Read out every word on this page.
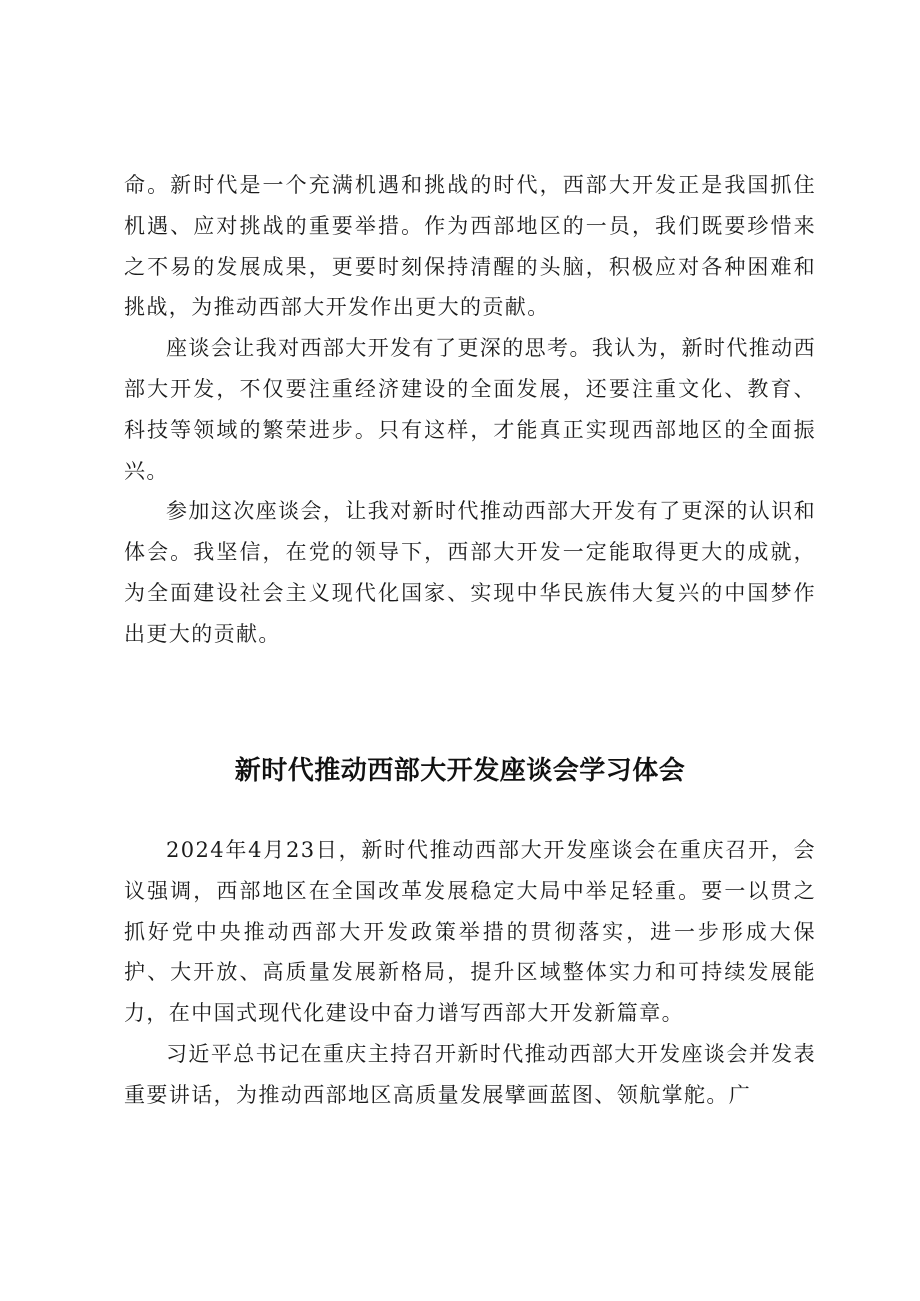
命。新时代是一个充满机遇和挑战的时代，西部大开发正是我国抓住机遇、应对挑战的重要举措。作为西部地区的一员，我们既要珍惜来之不易的发展成果，更要时刻保持清醒的头脑，积极应对各种困难和挑战，为推动西部大开发作出更大的贡献。

座谈会让我对西部大开发有了更深的思考。我认为，新时代推动西部大开发，不仅要注重经济建设的全面发展，还要注重文化、教育、科技等领域的繁荣进步。只有这样，才能真正实现西部地区的全面振兴。

参加这次座谈会，让我对新时代推动西部大开发有了更深的认识和体会。我坚信，在党的领导下，西部大开发一定能取得更大的成就，为全面建设社会主义现代化国家、实现中华民族伟大复兴的中国梦作出更大的贡献。

新时代推动西部大开发座谈会学习体会

2024年4月23日，新时代推动西部大开发座谈会在重庆召开，会议强调，西部地区在全国改革发展稳定大局中举足轻重。要一以贯之抓好党中央推动西部大开发政策举措的贯彻落实，进一步形成大保护、大开放、高质量发展新格局，提升区域整体实力和可持续发展能力，在中国式现代化建设中奋力谱写西部大开发新篇章。

习近平总书记在重庆主持召开新时代推动西部大开发座谈会并发表重要讲话，为推动西部地区高质量发展擘画蓝图、领航掌舵。广
